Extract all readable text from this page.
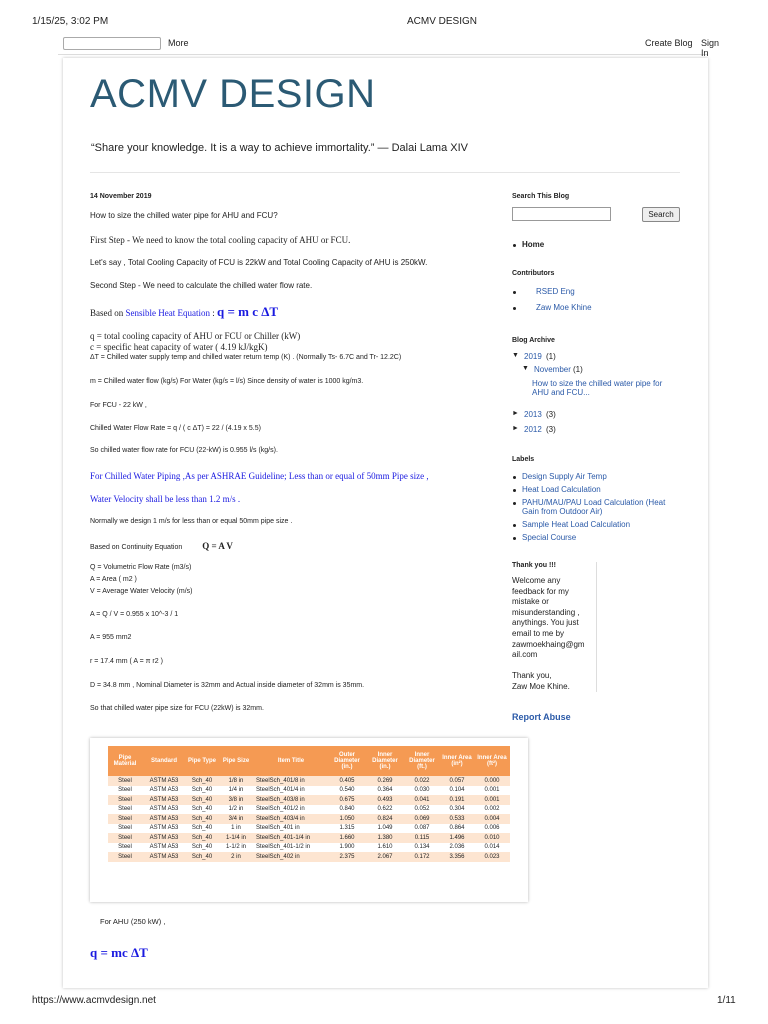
1/15/25, 3:02 PM	ACMV DESIGN
More	Create Blog Sign In
ACMV DESIGN
“Share your knowledge. It is a way to achieve immortality.” — Dalai Lama XIV
14 November 2019
How to size the chilled water pipe for AHU and FCU?
First Step - We need to know the total cooling capacity of AHU or FCU.
Let's say , Total Cooling Capacity of FCU is 22kW and Total Cooling Capacity of AHU is 250kW.
Second Step - We need to calculate the chilled water flow rate.
Based on Sensible Heat Equation : q = m c ΔT
q = total cooling capacity of AHU or FCU or Chiller (kW)
c = specific heat capacity of water ( 4.19 kJ/kgK)
ΔT = Chilled water supply temp and chilled water return temp (K) . (Normally Ts- 6.7C and Tr- 12.2C)
m = Chilled water flow (kg/s) For Water (kg/s = l/s) Since density of water is 1000 kg/m3.
For FCU - 22 kW ,
Chilled Water Flow Rate = q / ( c ΔT) = 22 / (4.19 x 5.5)
So chilled water flow rate for FCU (22-kW) is 0.955 l/s (kg/s).
For Chilled Water Piping ,As per ASHRAE Guideline; Less than or equal of 50mm Pipe size ,
Water Velocity shall be less than 1.2 m/s .
Normally we design 1 m/s for less than or equal 50mm pipe size .
Based on Continuity Equation Q = A V
Q = Volumetric Flow Rate (m3/s)
A = Area ( m2 )
V = Average Water Velocity (m/s)
A = Q / V = 0.955 x 10^-3 / 1
A = 955 mm2
r = 17.4 mm ( A = π r2 )
D = 34.8 mm , Nominal Diameter is 32mm and Actual inside diameter of 32mm is 35mm.
So that chilled water pipe size for FCU (22kW) is 32mm.
Pipe Material	Standard	Pipe Type	Pipe Size	Item Title	Outer Diameter (in.)	Inner Diameter (in.)	Inner Diameter (ft.)	Inner Area (in²)	Inner Area (ft²)
Steel	ASTM A53	Sch_40	1/8 in	SteelSch_401/8 in	0.405	0.269	0.022	0.057	0.000
Steel	ASTM A53	Sch_40	1/4 in	SteelSch_401/4 in	0.540	0.364	0.030	0.104	0.001
Steel	ASTM A53	Sch_40	3/8 in	SteelSch_403/8 in	0.675	0.493	0.041	0.191	0.001
Steel	ASTM A53	Sch_40	1/2 in	SteelSch_401/2 in	0.840	0.622	0.052	0.304	0.002
Steel	ASTM A53	Sch_40	3/4 in	SteelSch_403/4 in	1.050	0.824	0.069	0.533	0.004
Steel	ASTM A53	Sch_40	1 in	SteelSch_401 in	1.315	1.049	0.087	0.864	0.006
Steel	ASTM A53	Sch_40	1-1/4 in	SteelSch_401-1/4 in	1.660	1.380	0.115	1.496	0.010
Steel	ASTM A53	Sch_40	1-1/2 in	SteelSch_401-1/2 in	1.900	1.610	0.134	2.036	0.014
Steel	ASTM A53	Sch_40	2 in	SteelSch_402 in	2.375	2.067	0.172	3.356	0.023
For AHU (250 kW) ,
q = mc ΔT
Search This Blog
Search
Home
Contributors
RSED Eng
Zaw Moe Khine
Blog Archive
▼ 2019 (1)
▼ November (1)
How to size the chilled water pipe for AHU and FCU...
► 2013 (3)
► 2012 (3)
Labels
Design Supply Air Temp
Heat Load Calculation
PAHU/MAU/PAU Load Calculation (Heat Gain from Outdoor Air)
Sample Heat Load Calculation
Special Course
Thank you !!!
Welcome any
feedback for my
mistake or
misunderstanding ,
anythings. You just
email to me by
zawmoekhaing@gm
ail.com
Thank you,
Zaw Moe Khine.
Report Abuse
https://www.acmvdesign.net	1/11
